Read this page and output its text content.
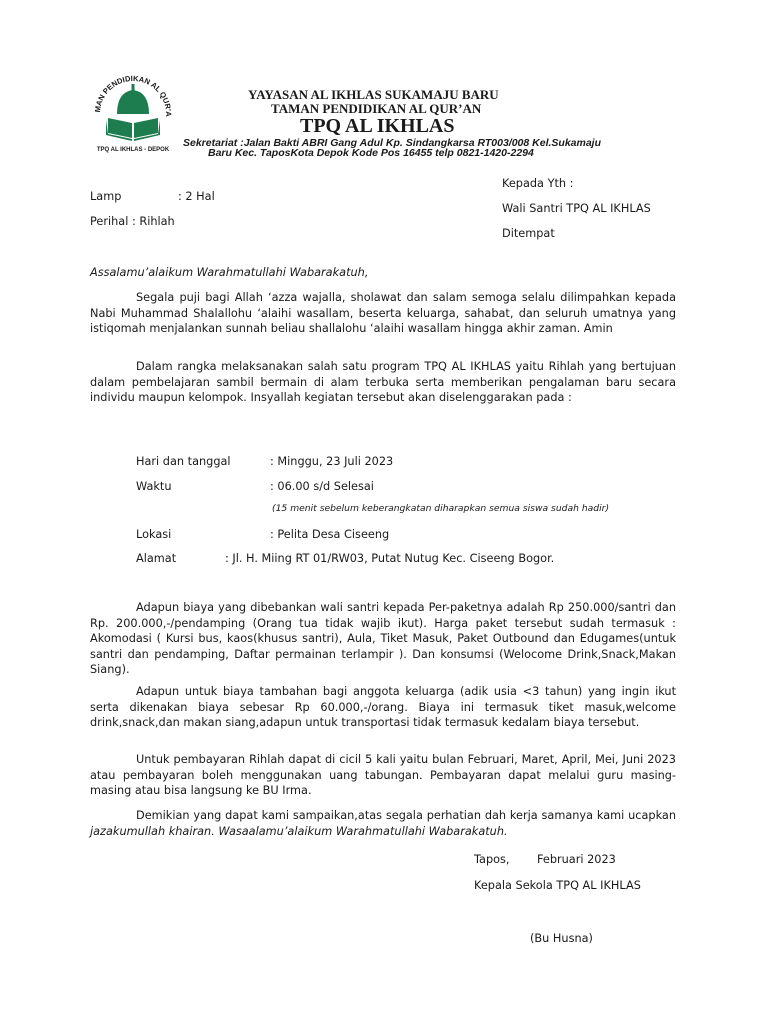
MAN PENDIDIKAN AL QUR'A
TPQ AL IKHLAS - DEPOK
YAYASAN AL IKHLAS SUKAMAJU BARU
TAMAN PENDIDIKAN AL QUR’AN
TPQ AL IKHLAS
Sekretariat :Jalan Bakti ABRI Gang Adul Kp. Sindangkarsa RT003/008 Kel.Sukamaju
Baru Kec. TaposKota Depok Kode Pos 16455 telp 0821-1420-2294
Lamp	: 2 Hal
Perihal : Rihlah
Kepada Yth :
Wali Santri TPQ AL IKHLAS
Ditempat
Assalamu’alaikum Warahmatullahi Wabarakatuh,
Segala puji bagi Allah ‘azza wajalla, sholawat dan salam semoga selalu dilimpahkan kepada Nabi Muhammad Shalallohu ‘alaihi wasallam, beserta keluarga, sahabat, dan seluruh umatnya yang istiqomah menjalankan sunnah beliau shallalohu ‘alaihi wasallam hingga akhir zaman. Amin
Dalam rangka melaksanakan salah satu program TPQ AL IKHLAS yaitu Rihlah yang bertujuan dalam pembelajaran sambil bermain di alam terbuka serta memberikan pengalaman baru secara individu maupun kelompok. Insyallah kegiatan tersebut akan diselenggarakan pada :
Hari dan tanggal	: Minggu, 23 Juli 2023
Waktu	: 06.00 s/d Selesai
(15 menit sebelum keberangkatan diharapkan semua siswa sudah hadir)
Lokasi	: Pelita Desa Ciseeng
Alamat	: Jl. H. Miing RT 01/RW03, Putat Nutug Kec. Ciseeng Bogor.
Adapun biaya yang dibebankan wali santri kepada Per-paketnya adalah Rp 250.000/santri dan Rp. 200.000,-/pendamping (Orang tua tidak wajib ikut). Harga paket tersebut sudah termasuk : Akomodasi ( Kursi bus, kaos(khusus santri), Aula, Tiket Masuk, Paket Outbound dan Edugames(untuk santri dan pendamping, Daftar permainan terlampir ). Dan konsumsi (Welocome Drink,Snack,Makan Siang).
Adapun untuk biaya tambahan bagi anggota keluarga (adik usia <3 tahun) yang ingin ikut serta dikenakan biaya sebesar Rp 60.000,-/orang. Biaya ini termasuk tiket masuk,welcome drink,snack,dan makan siang,adapun untuk transportasi tidak termasuk kedalam biaya tersebut.
Untuk pembayaran Rihlah dapat di cicil 5 kali yaitu bulan Februari, Maret, April, Mei, Juni 2023 atau pembayaran boleh menggunakan uang tabungan. Pembayaran dapat melalui guru masing-masing atau bisa langsung ke BU Irma.
Demikian yang dapat kami sampaikan,atas segala perhatian dah kerja samanya kami ucapkan jazakumullah khairan. Wasaalamu’alaikum Warahmatullahi Wabarakatuh.
Tapos, Februari 2023
Kepala Sekola TPQ AL IKHLAS
(Bu Husna)
